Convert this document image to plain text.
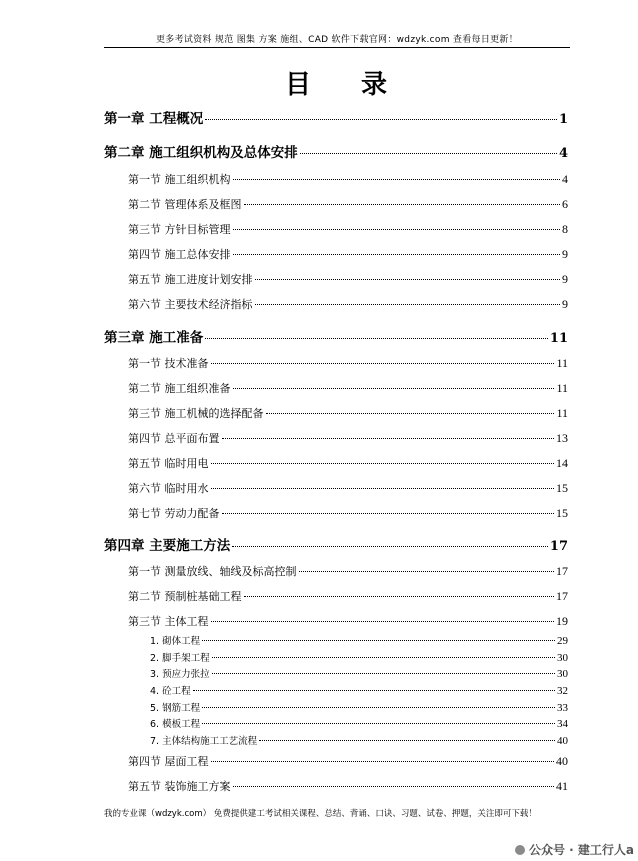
更多考试资料 规范 图集 方案 施组、CAD 软件下载官网：wdzyk.com 查看每日更新！
目 录
第一章 工程概况	1
第二章 施工组织机构及总体安排	4
第一节 施工组织机构	4
第二节 管理体系及框图	6
第三节 方针目标管理	8
第四节 施工总体安排	9
第五节 施工进度计划安排	9
第六节 主要技术经济指标	9
第三章 施工准备	11
第一节 技术准备	11
第二节 施工组织准备	11
第三节 施工机械的选择配备	11
第四节 总平面布置	13
第五节 临时用电	14
第六节 临时用水	15
第七节 劳动力配备	15
第四章 主要施工方法	17
第一节 测量放线、轴线及标高控制	17
第二节 预制桩基础工程	17
第三节 主体工程	19
1. 砌体工程	29
2. 脚手架工程	30
3. 预应力张拉	30
4. 砼工程	32
5. 钢筋工程	33
6. 模板工程	34
7. 主体结构施工工艺流程	40
第四节 屋面工程	40
第五节 装饰施工方案	41
我的专业课（wdzyk.com） 免费提供建工考试相关课程、总结、背诵、口诀、习题、试卷、押题，关注即可下载！
公众号 · 建工行人a
